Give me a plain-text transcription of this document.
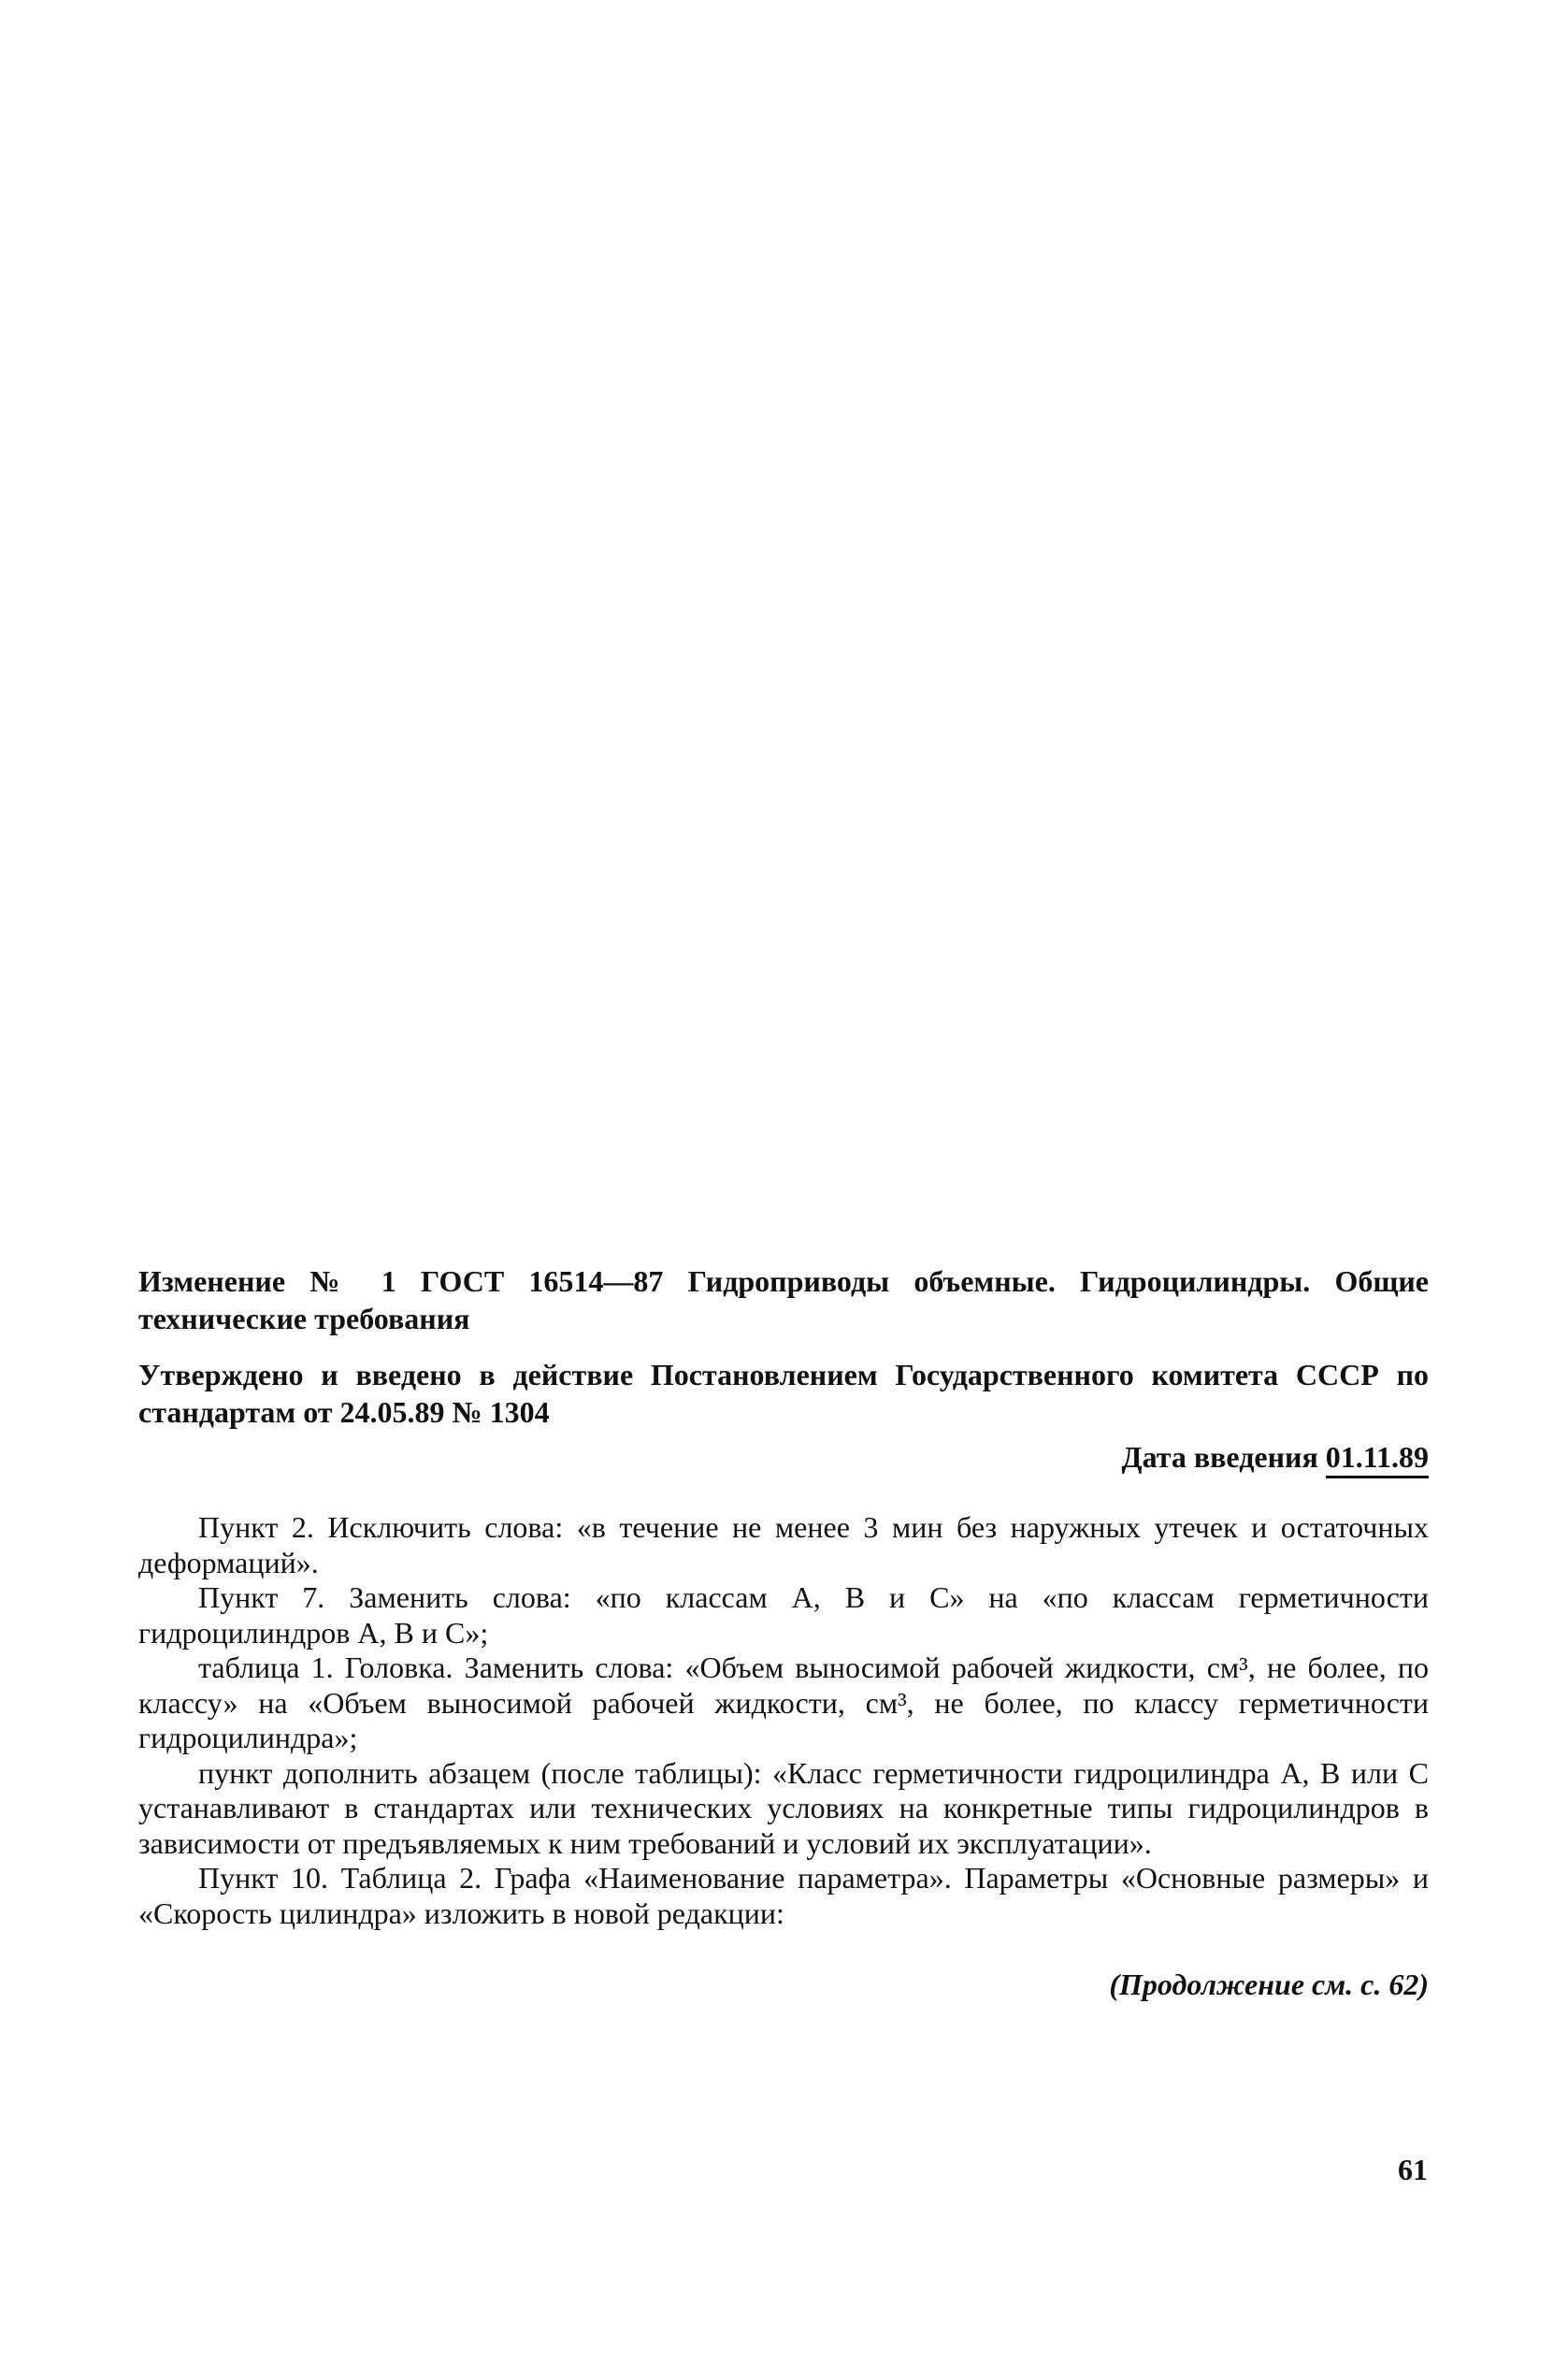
Изменение № 1 ГОСТ 16514—87 Гидроприводы объемные. Гидроцилиндры. Общие технические требования
Утверждено и введено в действие Постановлением Государственного комитета СССР по стандартам от 24.05.89 № 1304
Дата введения 01.11.89

Пункт 2. Исключить слова: «в течение не менее 3 мин без наружных утечек и остаточных деформаций».

Пункт 7. Заменить слова: «по классам А, В и С» на «по классам герметичности гидроцилиндров А, В и С»;

таблица 1. Головка. Заменить слова: «Объем выносимой рабочей жидкости, см³, не более, по классу» на «Объем выносимой рабочей жидкости, см³, не более, по классу герметичности гидроцилиндра»;

пункт дополнить абзацем (после таблицы): «Класс герметичности гидроцилиндра А, В или С устанавливают в стандартах или технических условиях на конкретные типы гидроцилиндров в зависимости от предъявляемых к ним требований и условий их эксплуатации».

Пункт 10. Таблица 2. Графа «Наименование параметра». Параметры «Основные размеры» и «Скорость цилиндра» изложить в новой редакции:

(Продолжение см. с. 62)
61
